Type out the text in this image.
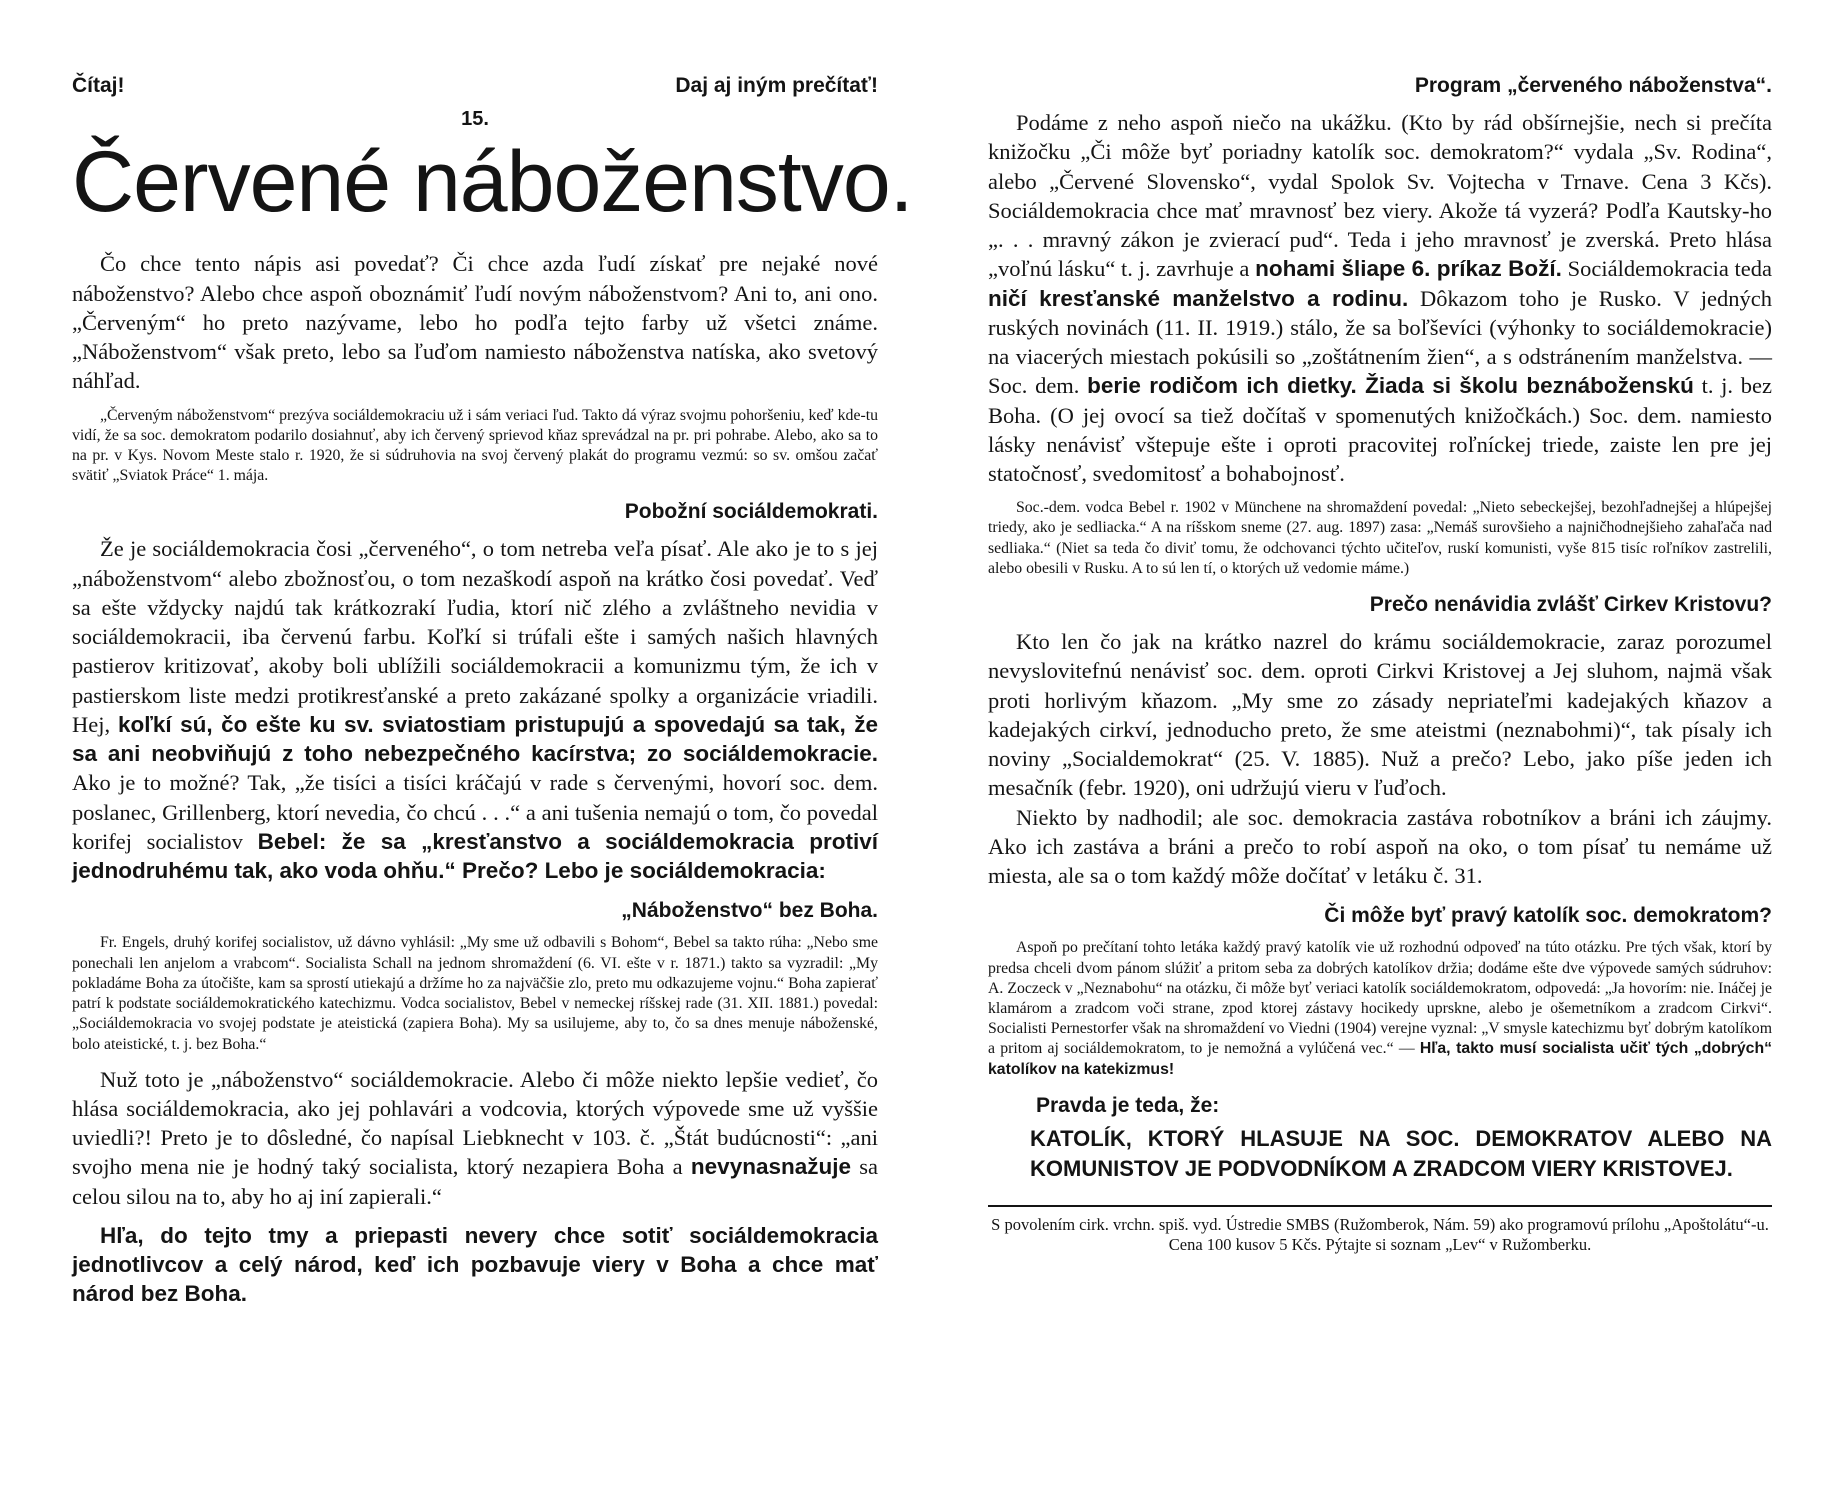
Čítaj!	Daj aj iným prečítať!
15.
Červené náboženstvo.

Čo chce tento nápis asi povedať? Či chce azda ľudí získať pre nejaké nové náboženstvo? Alebo chce aspoň oboznámiť ľudí novým náboženstvom? Ani to, ani ono. „Červeným“ ho preto nazývame, lebo ho podľa tejto farby už všetci známe. „Náboženstvom“ však preto, lebo sa ľuďom namiesto náboženstva natíska, ako svetový náhľad.

„Červeným náboženstvom“ prezýva sociáldemokraciu už i sám veriaci ľud. Takto dá výraz svojmu pohoršeniu, keď kde-tu vidí, že sa soc. demokratom podarilo dosiahnuť, aby ich červený sprievod kňaz sprevádzal na pr. pri pohrabe. Alebo, ako sa to na pr. v Kys. Novom Meste stalo r. 1920, že si súdruhovia na svoj červený plakát do programu vezmú: so sv. omšou začať svätiť „Sviatok Práce“ 1. mája.

Pobožní sociáldemokrati.

Že je sociáldemokracia čosi „červeného“, o tom netreba veľa písať. Ale ako je to s jej „náboženstvom“ alebo zbožnosťou, o tom nezaškodí aspoň na krátko čosi povedať. Veď sa ešte vždycky najdú tak krátkozrakí ľudia, ktorí nič zlého a zvláštneho nevidia v sociáldemokracii, iba červenú farbu. Koľkí si trúfali ešte i samých našich hlavných pastierov kritizovať, akoby boli ublížili sociáldemokracii a komunizmu tým, že ich v pastierskom liste medzi protikresťanské a preto zakázané spolky a organizácie vriadili. Hej, koľkí sú, čo ešte ku sv. sviatostiam pristupujú a spovedajú sa tak, že sa ani neobviňujú z toho nebezpečného kacírstva; zo sociáldemokracie. Ako je to možné? Tak, „že tisíci a tisíci kráčajú v rade s červenými, hovorí soc. dem. poslanec, Grillenberg, ktorí nevedia, čo chcú . . .“ a ani tušenia nemajú o tom, čo povedal korifej socialistov Bebel: že sa „kresťanstvo a sociáldemokracia protiví jednodruhému tak, ako voda ohňu.“ Prečo? Lebo je sociáldemokracia:

„Náboženstvo“ bez Boha.

Fr. Engels, druhý korifej socialistov, už dávno vyhlásil: „My sme už odbavili s Bohom“, Bebel sa takto rúha: „Nebo sme ponechali len anjelom a vrabcom“. Socialista Schall na jednom shromaždení (6. VI. ešte v r. 1871.) takto sa vyzradil: „My pokladáme Boha za útočište, kam sa sprostí utiekajú a držíme ho za najväčšie zlo, preto mu odkazujeme vojnu.“ Boha zapierať patrí k podstate sociáldemokratického katechizmu. Vodca socialistov, Bebel v nemeckej ríšskej rade (31. XII. 1881.) povedal: „Sociáldemokracia vo svojej podstate je ateistická (zapiera Boha). My sa usilujeme, aby to, čo sa dnes menuje náboženské, bolo ateistické, t. j. bez Boha.“

Nuž toto je „náboženstvo“ sociáldemokracie. Alebo či môže niekto lepšie vedieť, čo hlása sociáldemokracia, ako jej pohlavári a vodcovia, ktorých výpovede sme už vyššie uviedli?! Preto je to dôsledné, čo napísal Liebknecht v 103. č. „Štát budúcnosti“: „ani svojho mena nie je hodný taký socialista, ktorý nezapiera Boha a nevynasnažuje sa celou silou na to, aby ho aj iní zapierali.“

Hľa, do tejto tmy a priepasti nevery chce sotiť sociáldemokracia jednotlivcov a celý národ, keď ich pozbavuje viery v Boha a chce mať národ bez Boha.

Program „červeného náboženstva“.

Podáme z neho aspoň niečo na ukážku. (Kto by rád obšírnejšie, nech si prečíta knižočku „Či môže byť poriadny katolík soc. demokratom?“ vydala „Sv. Rodina“, alebo „Červené Slovensko“, vydal Spolok Sv. Vojtecha v Trnave. Cena 3 Kčs). Sociáldemokracia chce mať mravnosť bez viery. Akože tá vyzerá? Podľa Kautsky-ho „. . . mravný zákon je zvierací pud“. Teda i jeho mravnosť je zverská. Preto hlása „voľnú lásku“ t. j. zavrhuje a nohami šliape 6. príkaz Boží. Sociáldemokracia teda ničí kresťanské manželstvo a rodinu. Dôkazom toho je Rusko. V jedných ruských novinách (11. II. 1919.) stálo, že sa boľševíci (výhonky to sociáldemokracie) na viacerých miestach pokúsili so „zoštátnením žien“, a s odstránením manželstva. — Soc. dem. berie rodičom ich dietky. Žiada si školu beznáboženskú t. j. bez Boha. (O jej ovocí sa tiež dočítaš v spomenutých knižočkách.) Soc. dem. namiesto lásky nenávisť vštepuje ešte i oproti pracovitej roľníckej triede, zaiste len pre jej statočnosť, svedomitosť a bohabojnosť.

Soc.-dem. vodca Bebel r. 1902 v Münchene na shromaždení povedal: „Nieto sebeckejšej, bezohľadnejšej a hlúpejšej triedy, ako je sedliacka.“ A na ríšskom sneme (27. aug. 1897) zasa: „Nemáš surovšieho a najničhodnejšieho zahaľača nad sedliaka.“ (Niet sa teda čo diviť tomu, že odchovanci týchto učiteľov, ruskí komunisti, vyše 815 tisíc roľníkov zastrelili, alebo obesili v Rusku. A to sú len tí, o ktorých už vedomie máme.)

Prečo nenávidia zvlášť Cirkev Kristovu?

Kto len čo jak na krátko nazrel do krámu sociáldemokracie, zaraz porozumel nevyslovitefnú nenávisť soc. dem. oproti Cirkvi Kristovej a Jej sluhom, najmä však proti horlivým kňazom. „My sme zo zásady nepriateľmi kadejakých kňazov a kadejakých cirkví, jednoducho preto, že sme ateistmi (neznabohmi)“, tak písaly ich noviny „Socialdemokrat“ (25. V. 1885). Nuž a prečo? Lebo, jako píše jeden ich mesačník (febr. 1920), oni udržujú vieru v ľuďoch.

Niekto by nadhodil; ale soc. demokracia zastáva robotníkov a bráni ich záujmy. Ako ich zastáva a bráni a prečo to robí aspoň na oko, o tom písať tu nemáme už miesta, ale sa o tom každý môže dočítať v letáku č. 31.

Či môže byť pravý katolík soc. demokratom?

Aspoň po prečítaní tohto letáka každý pravý katolík vie už rozhodnú odpoveď na túto otázku. Pre tých však, ktorí by predsa chceli dvom pánom slúžiť a pritom seba za dobrých katolíkov držia; dodáme ešte dve výpovede samých súdruhov: A. Zoczeck v „Neznabohu“ na otázku, či môže byť veriaci katolík sociáldemokratom, odpovedá: „Ja hovorím: nie. Ináčej je klamárom a zradcom voči strane, zpod ktorej zástavy hocikedy uprskne, alebo je ošemetníkom a zradcom Cirkvi“. Socialisti Pernestorfer však na shromaždení vo Viedni (1904) verejne vyznal: „V smysle katechizmu byť dobrým katolíkom a pritom aj sociáldemokratom, to je nemožná a vylúčená vec.“ — Hľa, takto musí socialista učiť tých „dobrých“ katolíkov na katekizmus!

Pravda je teda, že:
KATOLÍK, KTORÝ HLASUJE NA SOC. DEMOKRATOV ALEBO NA KOMUNISTOV JE PODVODNÍKOM A ZRADCOM VIERY KRISTOVEJ.
S povolením cirk. vrchn. spiš. vyd. Ústredie SMBS (Ružomberok, Nám. 59) ako programovú prílohu „Apoštolátu“-u. Cena 100 kusov 5 Kčs. Pýtajte si soznam „Lev“ v Ružomberku.
